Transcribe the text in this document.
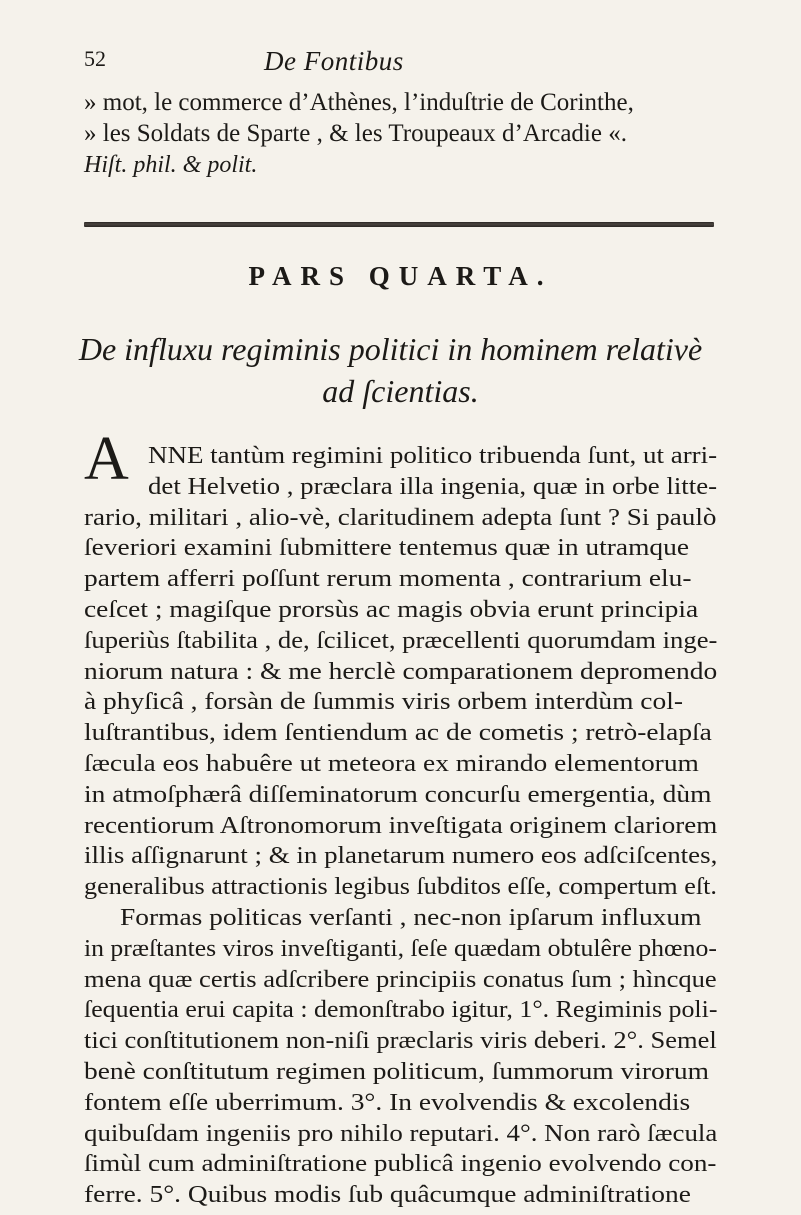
52	De Fontibus
» mot, le commerce d’Athènes, l’induſtrie de Corinthe,
» les Soldats de Sparte , & les Troupeaux d’Arcadie «.
Hiſt. phil. & polit.
PARS QUARTA.
De influxu regiminis politici in hominem relativè
ad ſcientias.
A NNE tantùm regimini politico tribuenda ſunt, ut arri-
det Helvetio , præclara illa ingenia, quæ in orbe litte-
rario, militari , alio-vè, claritudinem adepta ſunt ? Si paulò
ſeveriori examini ſubmittere tentemus quæ in utramque
partem afferri poſſunt rerum momenta , contrarium elu-
ceſcet ; magiſque prorsùs ac magis obvia erunt principia
ſuperiùs ſtabilita , de, ſcilicet, præcellenti quorumdam inge-
niorum natura : & me herclè comparationem depromendo
à phyſicâ , forsàn de ſummis viris orbem interdùm col-
luſtrantibus, idem ſentiendum ac de cometis ; retrò-elapſa
ſæcula eos habuêre ut meteora ex mirando elementorum
in atmoſphærâ diſſeminatorum concurſu emergentia, dùm
recentiorum Aſtronomorum inveſtigata originem clariorem
illis aſſignarunt ; & in planetarum numero eos adſciſcentes,
generalibus attractionis legibus ſubditos eſſe, compertum eſt.
Formas politicas verſanti , nec-non ipſarum influxum
in præſtantes viros inveſtiganti, ſeſe quædam obtulêre phœno-
mena quæ certis adſcribere principiis conatus ſum ; hìncque
ſequentia erui capita : demonſtrabo igitur, 1°. Regiminis poli-
tici conſtitutionem non-niſi præclaris viris deberi. 2°. Semel
benè conſtitutum regimen politicum, ſummorum virorum
fontem eſſe uberrimum. 3°. In evolvendis & excolendis
quibuſdam ingeniis pro nihilo reputari. 4°. Non rarò ſæcula
ſimùl cum adminiſtratione publicâ ingenio evolvendo con-
ferre. 5°. Quibus modis ſub quâcumque adminiſtratione
